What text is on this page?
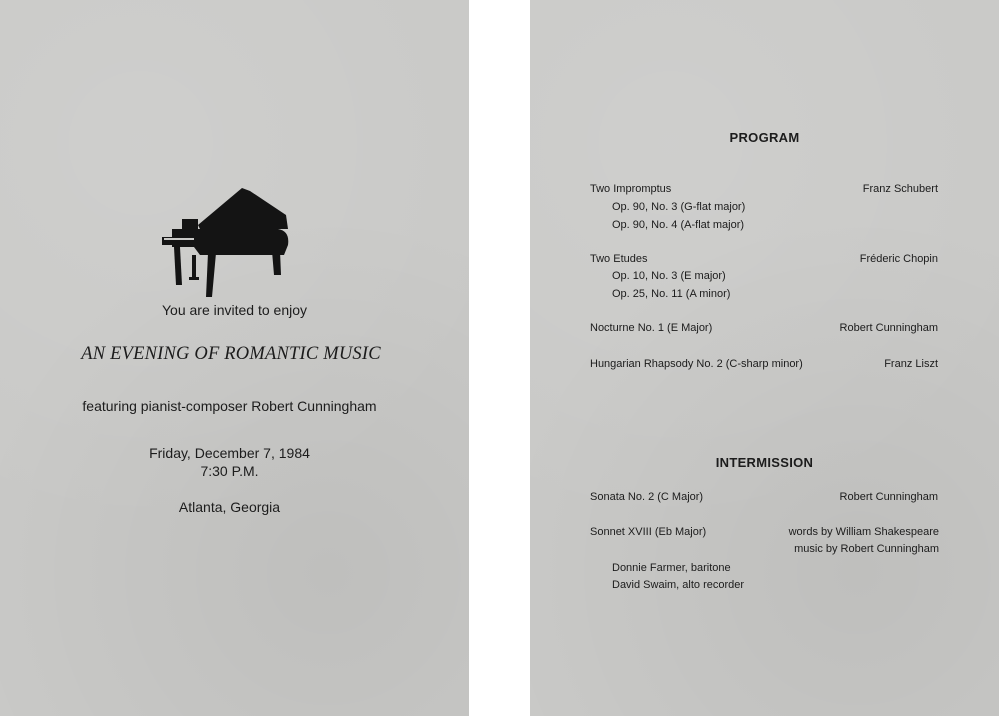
You are invited to enjoy
AN EVENING OF ROMANTIC MUSIC
featuring pianist-composer Robert Cunningham
Friday, December 7, 1984
7:30 P.M.
Atlanta, Georgia
PROGRAM
Two Impromptus	Franz Schubert
Op. 90, No. 3 (G-flat major)
Op. 90, No. 4 (A-flat major)
Two Etudes	Fréderic Chopin
Op. 10, No. 3 (E major)
Op. 25, No. 11 (A minor)
Nocturne No. 1 (E Major)	Robert Cunningham
Hungarian Rhapsody No. 2 (C-sharp minor)	Franz Liszt
INTERMISSION
Sonata No. 2 (C Major)	Robert Cunningham
Sonnet XVIII (Eb Major)	words by William Shakespeare
music by Robert Cunningham
Donnie Farmer, baritone
David Swaim, alto recorder
